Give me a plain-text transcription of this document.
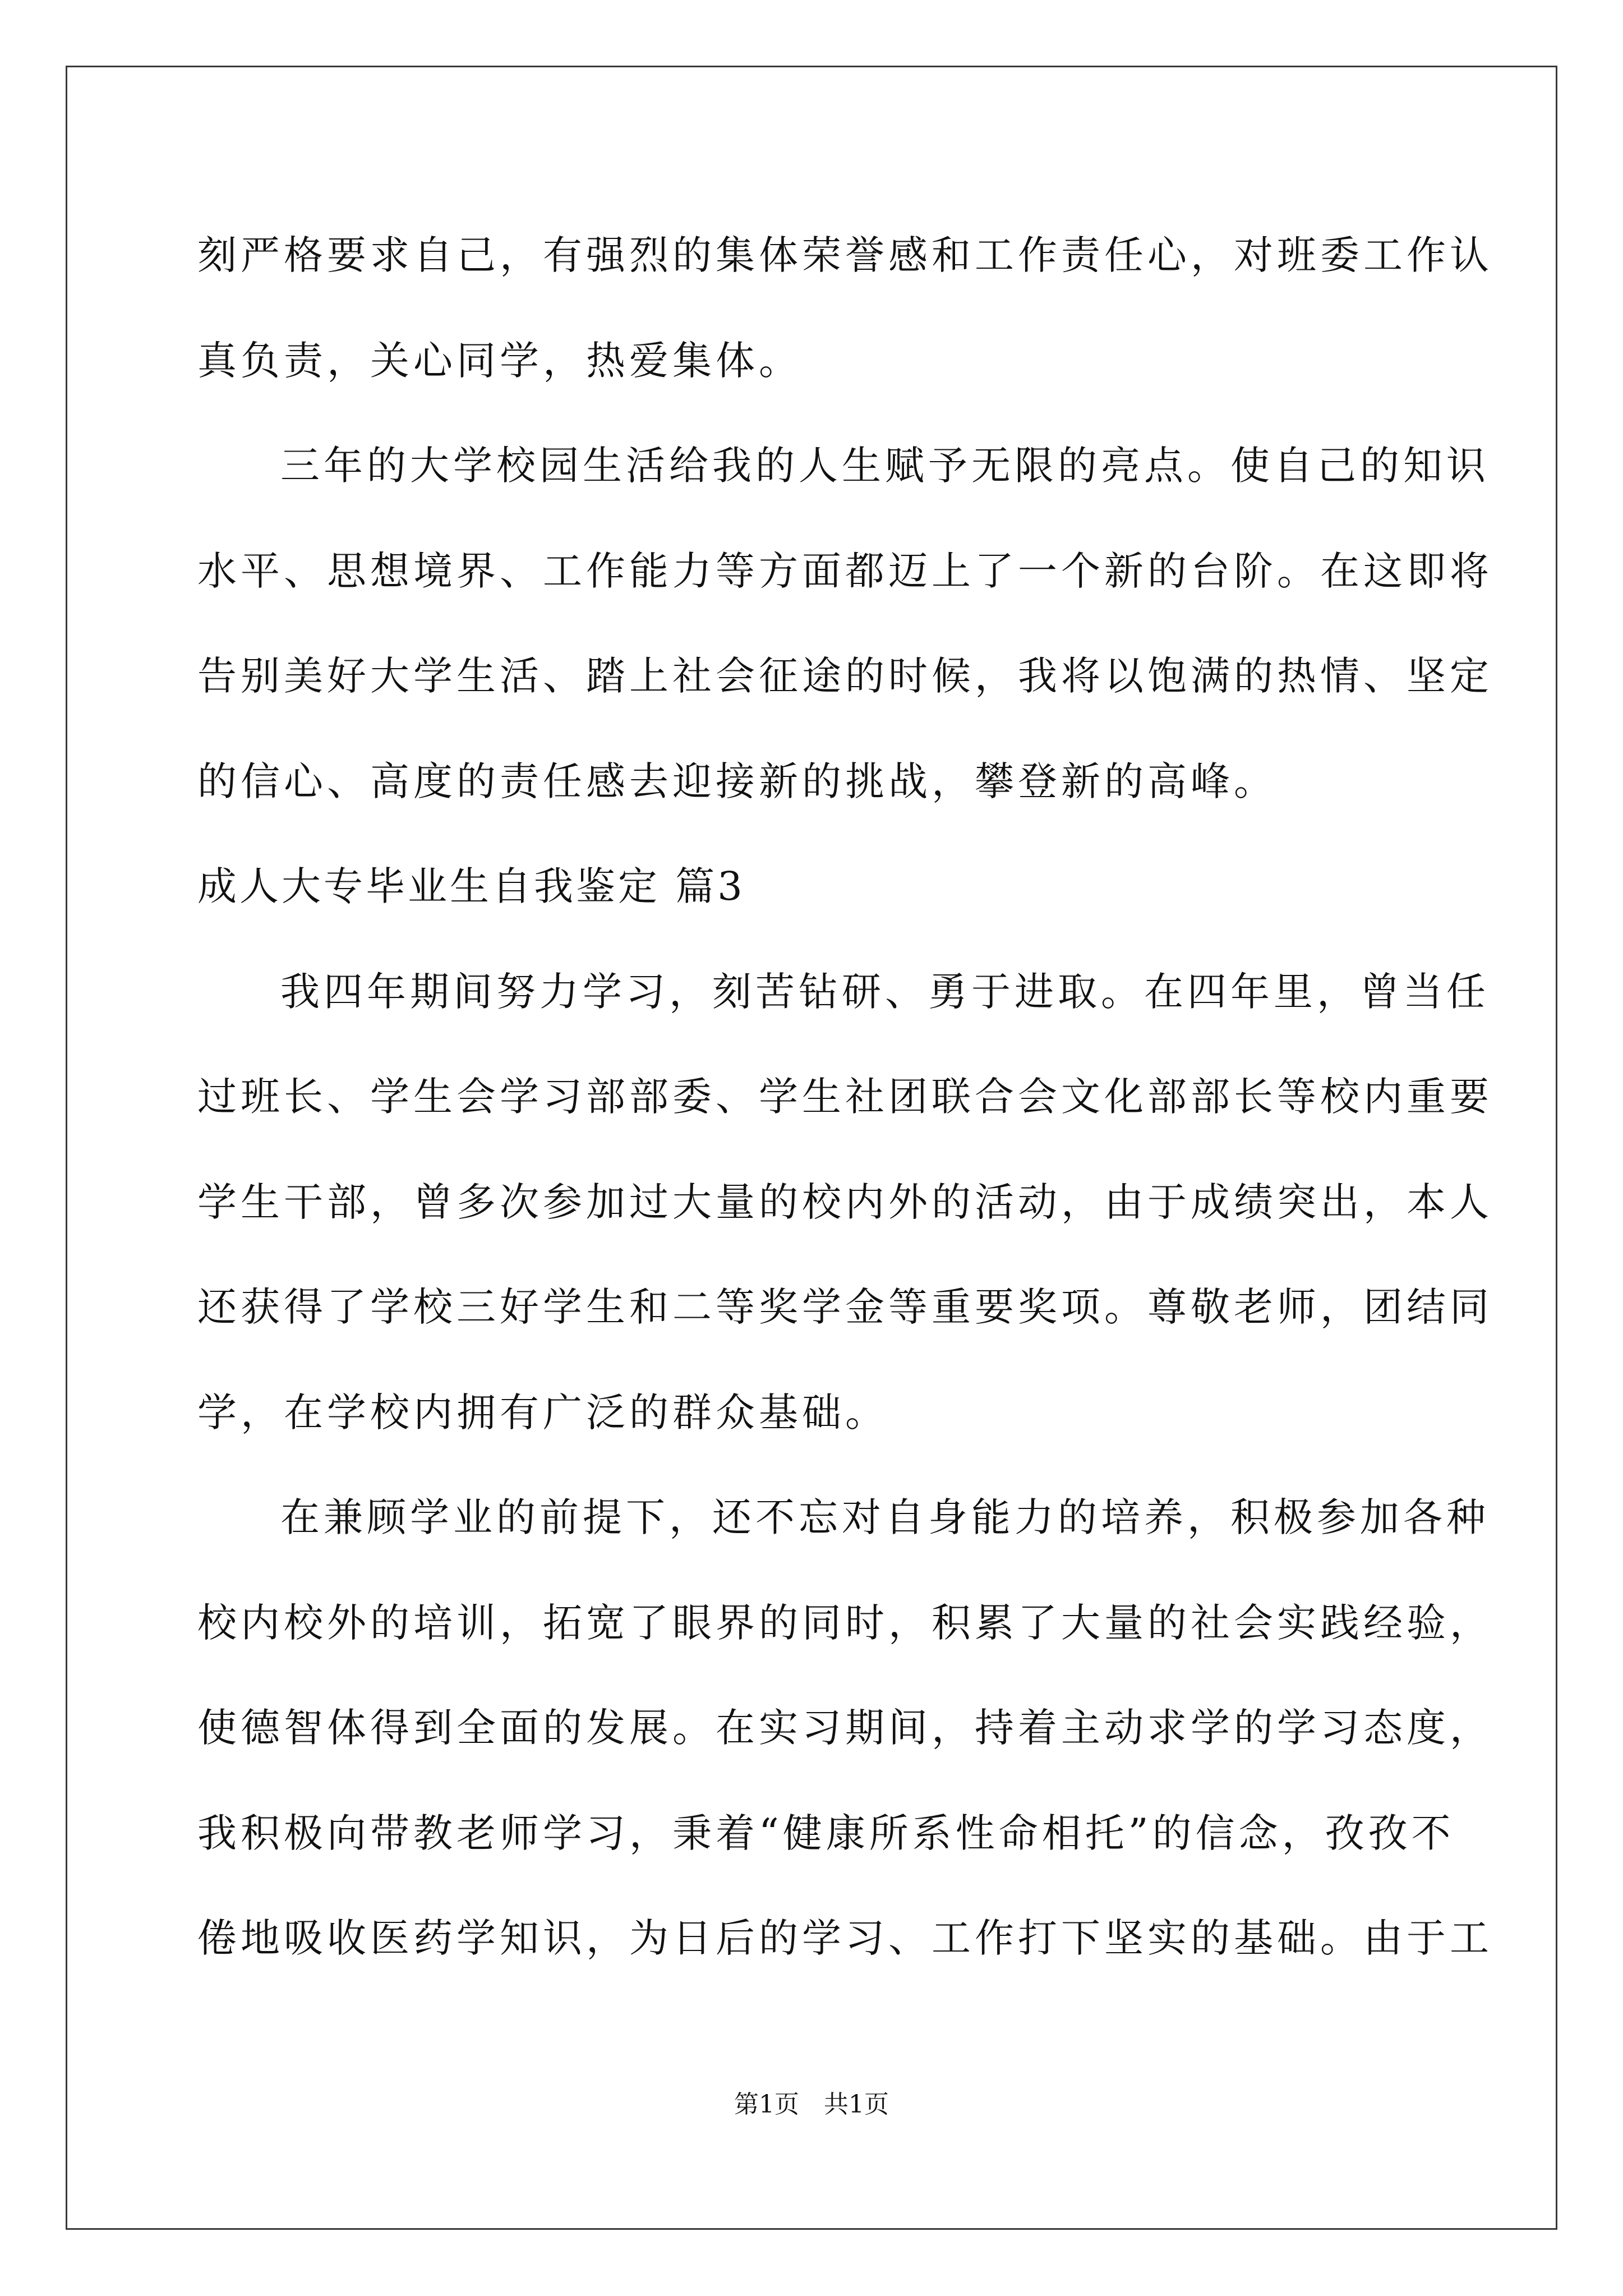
刻严格要求自己，有强烈的集体荣誉感和工作责任心，对班委工作认
真负责，关心同学，热爱集体。
三年的大学校园生活给我的人生赋予无限的亮点。使自己的知识
水平、思想境界、工作能力等方面都迈上了一个新的台阶。在这即将
告别美好大学生活、踏上社会征途的时候，我将以饱满的热情、坚定
的信心、高度的责任感去迎接新的挑战，攀登新的高峰。
成人大专毕业生自我鉴定 篇3
我四年期间努力学习，刻苦钻研、勇于进取。在四年里，曾当任
过班长、学生会学习部部委、学生社团联合会文化部部长等校内重要
学生干部，曾多次参加过大量的校内外的活动，由于成绩突出，本人
还获得了学校三好学生和二等奖学金等重要奖项。尊敬老师，团结同
学，在学校内拥有广泛的群众基础。
在兼顾学业的前提下，还不忘对自身能力的培养，积极参加各种
校内校外的培训，拓宽了眼界的同时，积累了大量的社会实践经验，
使德智体得到全面的发展。在实习期间，持着主动求学的学习态度，
我积极向带教老师学习，秉着“健康所系性命相托”的信念，孜孜不
倦地吸收医药学知识，为日后的学习、工作打下坚实的基础。由于工
第1页 共1页
